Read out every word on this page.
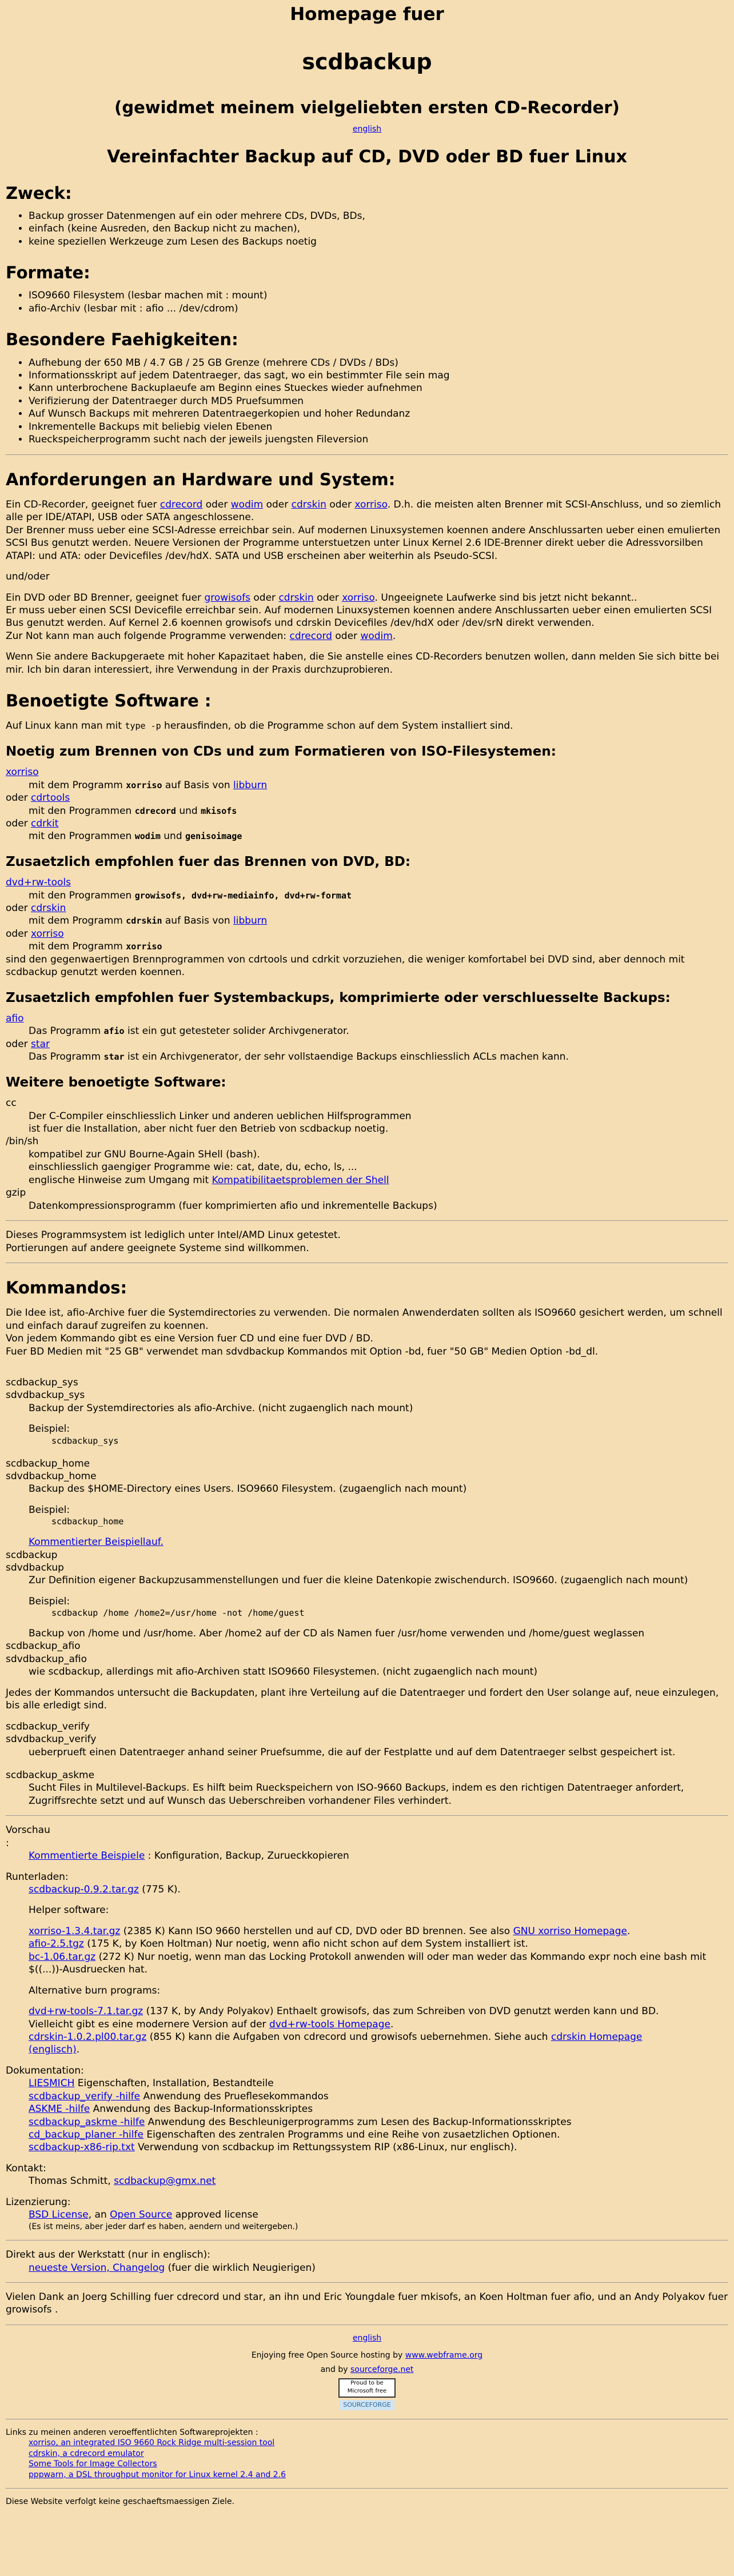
Homepage fuer
scdbackup
(gewidmet meinem vielgeliebten ersten CD-Recorder)
english
Vereinfachter Backup auf CD, DVD oder BD fuer Linux
Zweck:
• Backup grosser Datenmengen auf ein oder mehrere CDs, DVDs, BDs,
• einfach (keine Ausreden, den Backup nicht zu machen),
• keine speziellen Werkzeuge zum Lesen des Backups noetig
Formate:
• ISO9660 Filesystem (lesbar machen mit : mount)
• afio-Archiv (lesbar mit : afio ... /dev/cdrom)
Besondere Faehigkeiten:
• Aufhebung der 650 MB / 4.7 GB / 25 GB Grenze (mehrere CDs / DVDs / BDs)
• Informationsskript auf jedem Datentraeger, das sagt, wo ein bestimmter File sein mag
• Kann unterbrochene Backuplaeufe am Beginn eines Stueckes wieder aufnehmen
• Verifizierung der Datentraeger durch MD5 Pruefsummen
• Auf Wunsch Backups mit mehreren Datentraegerkopien und hoher Redundanz
• Inkrementelle Backups mit beliebig vielen Ebenen
• Rueckspeicherprogramm sucht nach der jeweils juengsten Fileversion
Anforderungen an Hardware und System:

Ein CD-Recorder, geeignet fuer cdrecord oder wodim oder cdrskin oder xorriso. D.h. die meisten alten Brenner mit SCSI-Anschluss, und so ziemlich alle per IDE/ATAPI, USB oder SATA angeschlossene.
Der Brenner muss ueber eine SCSI-Adresse erreichbar sein. Auf modernen Linuxsystemen koennen andere Anschlussarten ueber einen emulierten SCSI Bus genutzt werden. Neuere Versionen der Programme unterstuetzen unter Linux Kernel 2.6 IDE-Brenner direkt ueber die Adressvorsilben ATAPI: und ATA: oder Devicefiles /dev/hdX. SATA und USB erscheinen aber weiterhin als Pseudo-SCSI.

und/oder

Ein DVD oder BD Brenner, geeignet fuer growisofs oder cdrskin oder xorriso. Ungeeignete Laufwerke sind bis jetzt nicht bekannt..
Er muss ueber einen SCSI Devicefile erreichbar sein. Auf modernen Linuxsystemen koennen andere Anschlussarten ueber einen emulierten SCSI Bus genutzt werden. Auf Kernel 2.6 koennen growisofs und cdrskin Devicefiles /dev/hdX oder /dev/srN direkt verwenden.
Zur Not kann man auch folgende Programme verwenden: cdrecord oder wodim.

Wenn Sie andere Backupgeraete mit hoher Kapazitaet haben, die Sie anstelle eines CD-Recorders benutzen wollen, dann melden Sie sich bitte bei mir. Ich bin daran interessiert, ihre Verwendung in der Praxis durchzuprobieren.

Benoetigte Software :

Auf Linux kann man mit type -p herausfinden, ob die Programme schon auf dem System installiert sind.

Noetig zum Brennen von CDs und zum Formatieren von ISO-Filesystemen:
xorriso
mit dem Programm xorriso auf Basis von libburn
oder cdrtools
mit den Programmen cdrecord und mkisofs
oder cdrkit
mit den Programmen wodim und genisoimage
Zusaetzlich empfohlen fuer das Brennen von DVD, BD:
dvd+rw-tools
mit den Programmen growisofs, dvd+rw-mediainfo, dvd+rw-format
oder cdrskin
mit dem Programm cdrskin auf Basis von libburn
oder xorriso
mit dem Programm xorriso
sind den gegenwaertigen Brennprogrammen von cdrtools und cdrkit vorzuziehen, die weniger komfortabel bei DVD sind, aber dennoch mit scdbackup genutzt werden koennen.
Zusaetzlich empfohlen fuer Systembackups, komprimierte oder verschluesselte Backups:
afio
Das Programm afio ist ein gut getesteter solider Archivgenerator.
oder star
Das Programm star ist ein Archivgenerator, der sehr vollstaendige Backups einschliesslich ACLs machen kann.
Weitere benoetigte Software:
cc
Der C-Compiler einschliesslich Linker und anderen ueblichen Hilfsprogrammen
ist fuer die Installation, aber nicht fuer den Betrieb von scdbackup noetig.
/bin/sh
kompatibel zur GNU Bourne-Again SHell (bash).
einschliesslich gaengiger Programme wie: cat, date, du, echo, ls, ...
englische Hinweise zum Umgang mit Kompatibilitaetsproblemen der Shell
gzip
Datenkompressionsprogramm (fuer komprimierten afio und inkrementelle Backups)
Dieses Programmsystem ist lediglich unter Intel/AMD Linux getestet.
Portierungen auf andere geeignete Systeme sind willkommen.
Kommandos:

Die Idee ist, afio-Archive fuer die Systemdirectories zu verwenden. Die normalen Anwenderdaten sollten als ISO9660 gesichert werden, um schnell und einfach darauf zugreifen zu koennen.
Von jedem Kommando gibt es eine Version fuer CD und eine fuer DVD / BD.
Fuer BD Medien mit "25 GB" verwendet man sdvdbackup Kommandos mit Option -bd, fuer "50 GB" Medien Option -bd_dl.

scdbackup_sys
sdvdbackup_sys
Backup der Systemdirectories als afio-Archive. (nicht zugaenglich nach mount)
Beispiel:
scdbackup_sys
scdbackup_home
sdvdbackup_home
Backup des $HOME-Directory eines Users. ISO9660 Filesystem. (zugaenglich nach mount)
Beispiel:
scdbackup_home
Kommentierter Beispiellauf.
scdbackup
sdvdbackup
Zur Definition eigener Backupzusammenstellungen und fuer die kleine Datenkopie zwischendurch. ISO9660. (zugaenglich nach mount)
Beispiel:
scdbackup /home /home2=/usr/home -not /home/guest
Backup von /home und /usr/home. Aber /home2 auf der CD als Namen fuer /usr/home verwenden und /home/guest weglassen
scdbackup_afio
sdvdbackup_afio
wie scdbackup, allerdings mit afio-Archiven statt ISO9660 Filesystemen. (nicht zugaenglich nach mount)

Jedes der Kommandos untersucht die Backupdaten, plant ihre Verteilung auf die Datentraeger und fordert den User solange auf, neue einzulegen, bis alle erledigt sind.

scdbackup_verify
sdvdbackup_verify
ueberprueft einen Datentraeger anhand seiner Pruefsumme, die auf der Festplatte und auf dem Datentraeger selbst gespeichert ist.
scdbackup_askme
Sucht Files in Multilevel-Backups. Es hilft beim Rueckspeichern von ISO-9660 Backups, indem es den richtigen Datentraeger anfordert,
Zugriffsrechte setzt und auf Wunsch das Ueberschreiben vorhandener Files verhindert.
Vorschau
:
Kommentierte Beispiele : Konfiguration, Backup, Zurueckkopieren
Runterladen:
scdbackup-0.9.2.tar.gz (775 K).
Helper software:
xorriso-1.3.4.tar.gz (2385 K) Kann ISO 9660 herstellen und auf CD, DVD oder BD brennen. See also GNU xorriso Homepage.
afio-2.5.tgz (175 K, by Koen Holtman) Nur noetig, wenn afio nicht schon auf dem System installiert ist.
bc-1.06.tar.gz (272 K) Nur noetig, wenn man das Locking Protokoll anwenden will oder man weder das Kommando expr noch eine bash mit $((...))-Ausdruecken hat.
Alternative burn programs:
dvd+rw-tools-7.1.tar.gz (137 K, by Andy Polyakov) Enthaelt growisofs, das zum Schreiben von DVD genutzt werden kann und BD.
Vielleicht gibt es eine modernere Version auf der dvd+rw-tools Homepage.
cdrskin-1.0.2.pl00.tar.gz (855 K) kann die Aufgaben von cdrecord und growisofs uebernehmen. Siehe auch cdrskin Homepage
(englisch).
Dokumentation:
LIESMICH Eigenschaften, Installation, Bestandteile
scdbackup_verify -hilfe Anwendung des Prueflesekommandos
ASKME -hilfe Anwendung des Backup-Informationsskriptes
scdbackup_askme -hilfe Anwendung des Beschleunigerprogramms zum Lesen des Backup-Informationsskriptes
cd_backup_planer -hilfe Eigenschaften des zentralen Programms und eine Reihe von zusaetzlichen Optionen.
scdbackup-x86-rip.txt Verwendung von scdbackup im Rettungssystem RIP (x86-Linux, nur englisch).
Kontakt:
Thomas Schmitt, scdbackup@gmx.net
Lizenzierung:
BSD License, an Open Source approved license
(Es ist meins, aber jeder darf es haben, aendern und weitergeben.)
Direkt aus der Werkstatt (nur in englisch):
neueste Version, Changelog (fuer die wirklich Neugierigen)

Vielen Dank an Joerg Schilling fuer cdrecord und star, an ihn und Eric Youngdale fuer mkisofs, an Koen Holtman fuer afio, und an Andy Polyakov fuer growisofs .

english
Enjoying free Open Source hosting by www.webframe.org
and by sourceforge.net
Proud to be Microsoft free
SOURCEFORGE
Links zu meinen anderen veroeffentlichten Softwareprojekten :
xorriso, an integrated ISO 9660 Rock Ridge multi-session tool
cdrskin, a cdrecord emulator
Some Tools for Image Collectors
pppwarn, a DSL throughput monitor for Linux kernel 2.4 and 2.6
Diese Website verfolgt keine geschaeftsmaessigen Ziele.
